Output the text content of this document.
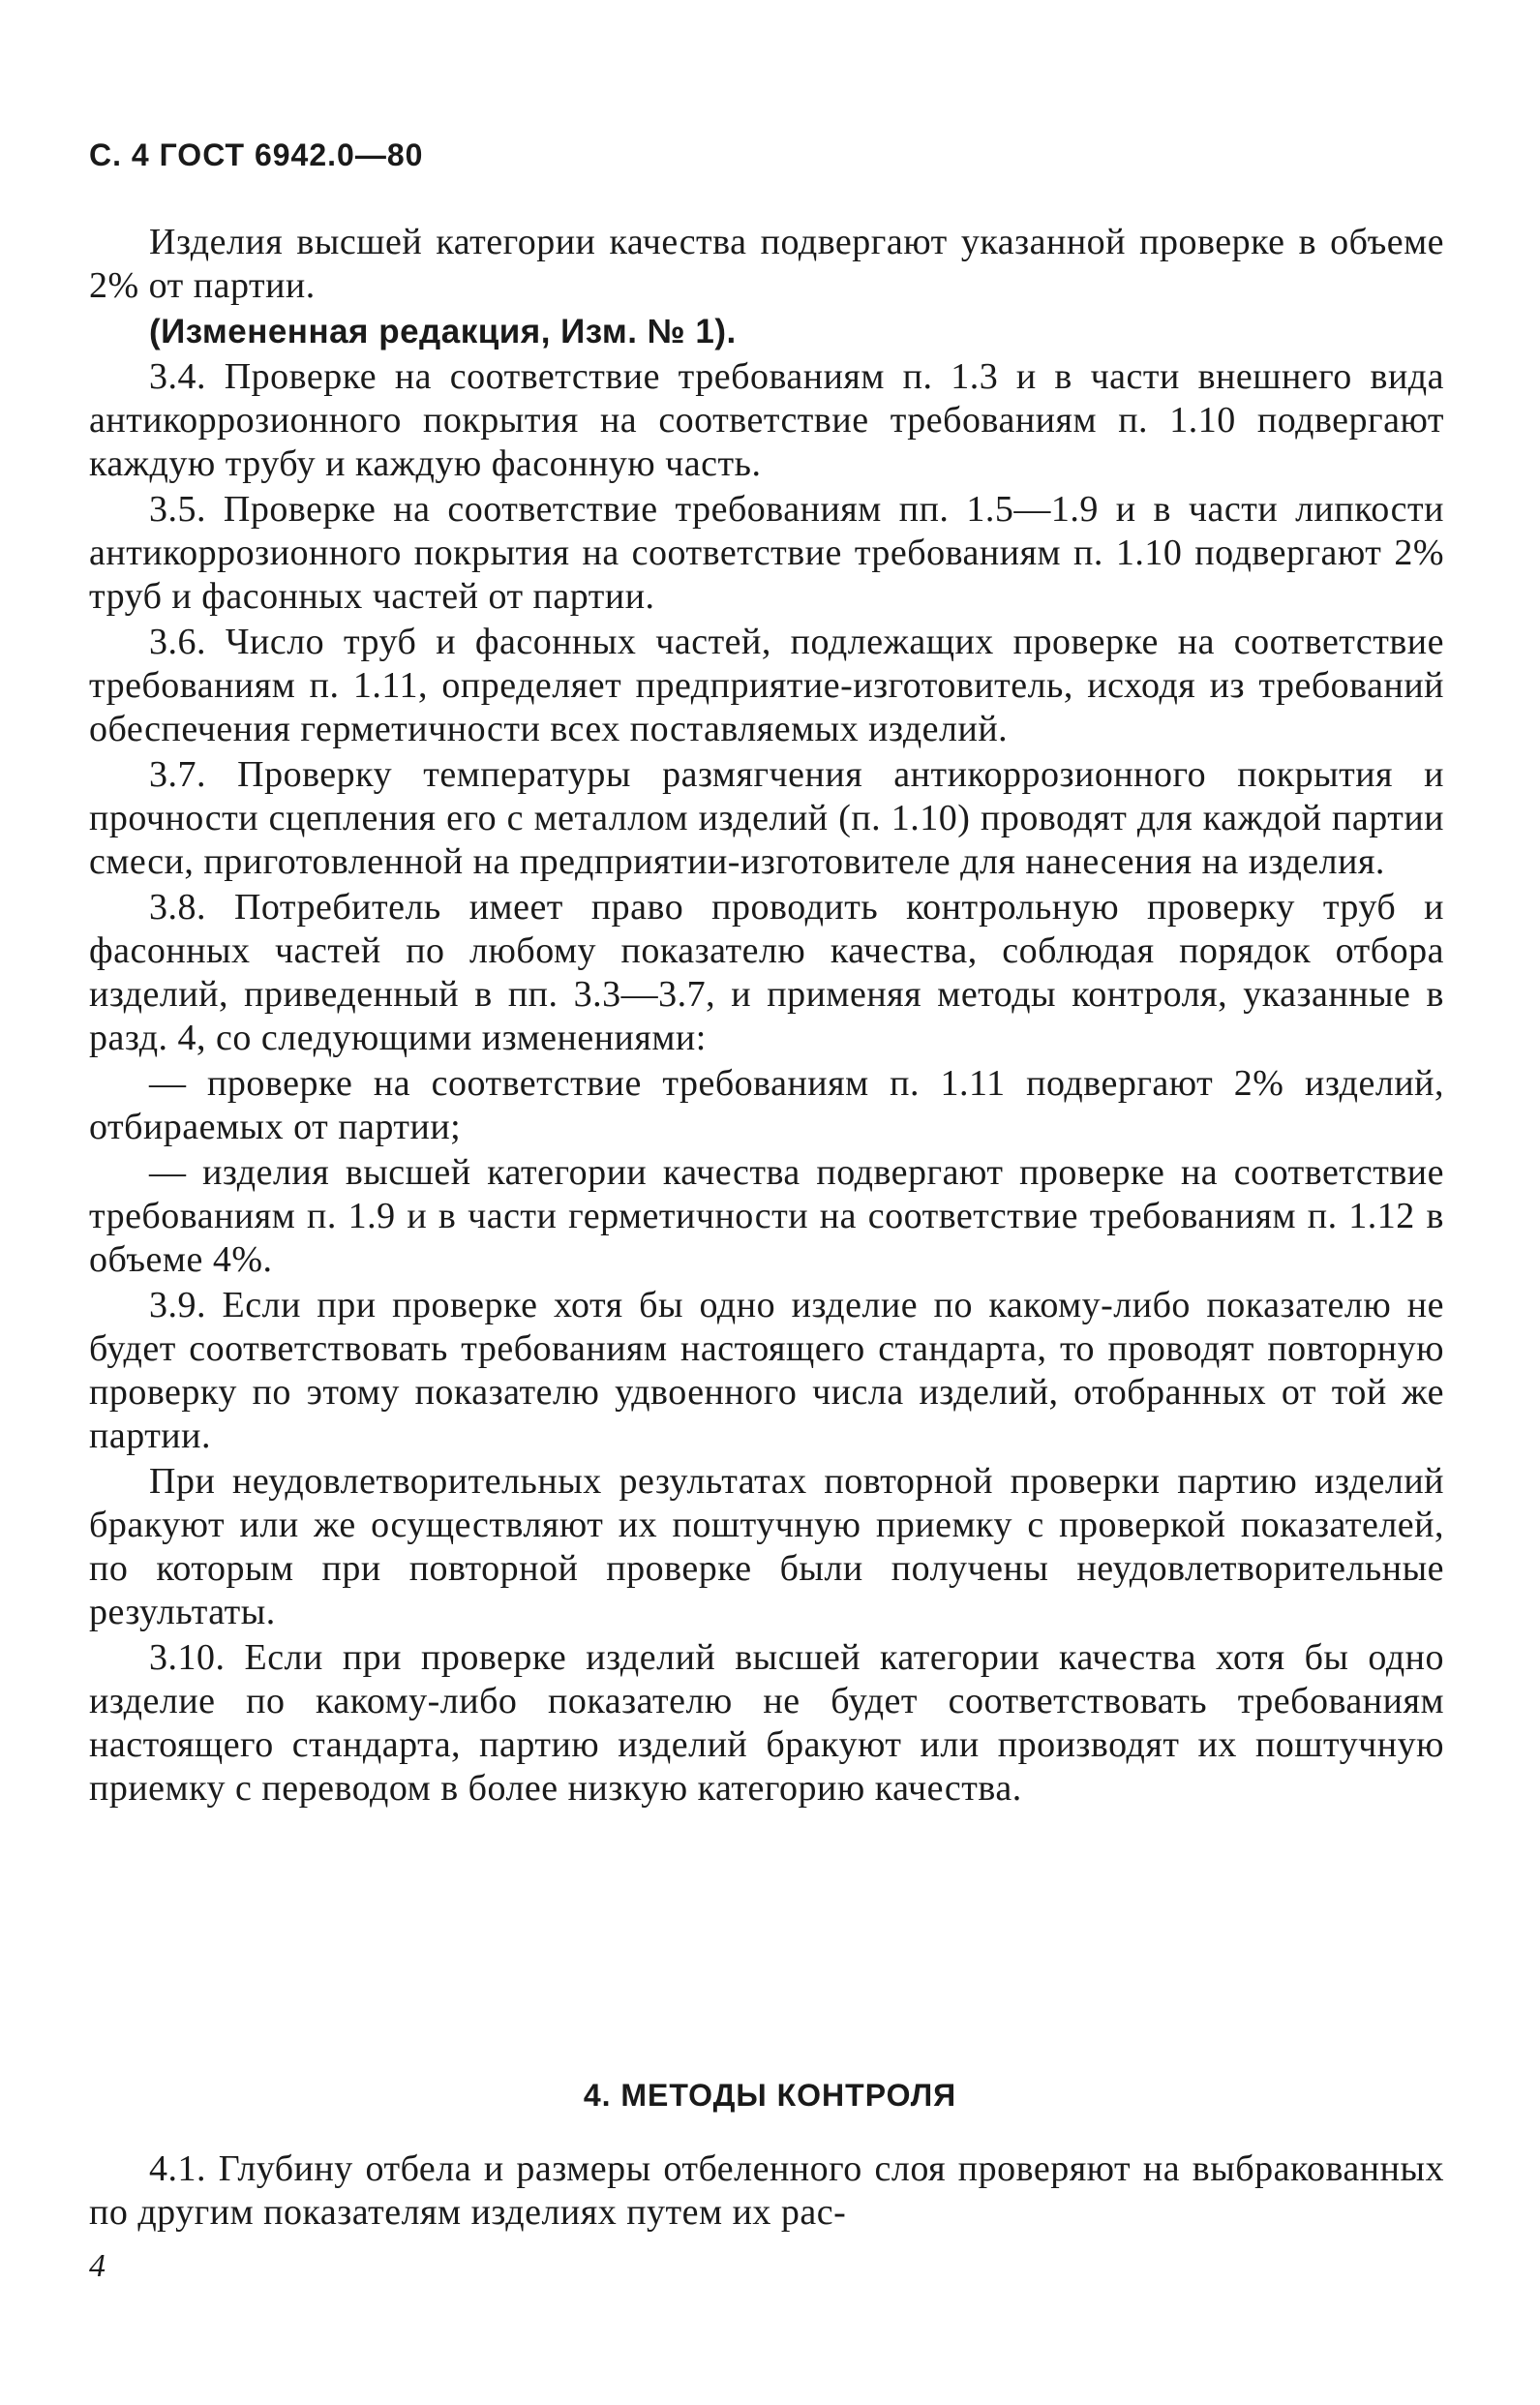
С. 4 ГОСТ 6942.0—80

Изделия высшей категории качества подвергают указанной проверке в объеме 2% от партии.

(Измененная редакция, Изм. № 1).

3.4. Проверке на соответствие требованиям п. 1.3 и в части внешнего вида антикоррозионного покрытия на соответствие требованиям п. 1.10 подвергают каждую трубу и каждую фасонную часть.

3.5. Проверке на соответствие требованиям пп. 1.5—1.9 и в части липкости антикоррозионного покрытия на соответствие требованиям п. 1.10 подвергают 2% труб и фасонных частей от партии.

3.6. Число труб и фасонных частей, подлежащих проверке на соответствие требованиям п. 1.11, определяет предприятие-изготовитель, исходя из требований обеспечения герметичности всех поставляемых изделий.

3.7. Проверку температуры размягчения антикоррозионного покрытия и прочности сцепления его с металлом изделий (п. 1.10) проводят для каждой партии смеси, приготовленной на предприятии-изготовителе для нанесения на изделия.

3.8. Потребитель имеет право проводить контрольную проверку труб и фасонных частей по любому показателю качества, соблюдая порядок отбора изделий, приведенный в пп. 3.3—3.7, и применяя методы контроля, указанные в разд. 4, со следующими изменениями:

— проверке на соответствие требованиям п. 1.11 подвергают 2% изделий, отбираемых от партии;

— изделия высшей категории качества подвергают проверке на соответствие требованиям п. 1.9 и в части герметичности на соответствие требованиям п. 1.12 в объеме 4%.

3.9. Если при проверке хотя бы одно изделие по какому-либо показателю не будет соответствовать требованиям настоящего стандарта, то проводят повторную проверку по этому показателю удвоенного числа изделий, отобранных от той же партии.

При неудовлетворительных результатах повторной проверки партию изделий бракуют или же осуществляют их поштучную приемку с проверкой показателей, по которым при повторной проверке были получены неудовлетворительные результаты.

3.10. Если при проверке изделий высшей категории качества хотя бы одно изделие по какому-либо показателю не будет соответствовать требованиям настоящего стандарта, партию изделий бракуют или производят их поштучную приемку с переводом в более низкую категорию качества.

4. МЕТОДЫ КОНТРОЛЯ

4.1. Глубину отбела и размеры отбеленного слоя проверяют на выбракованных по другим показателям изделиях путем их рас-

4
